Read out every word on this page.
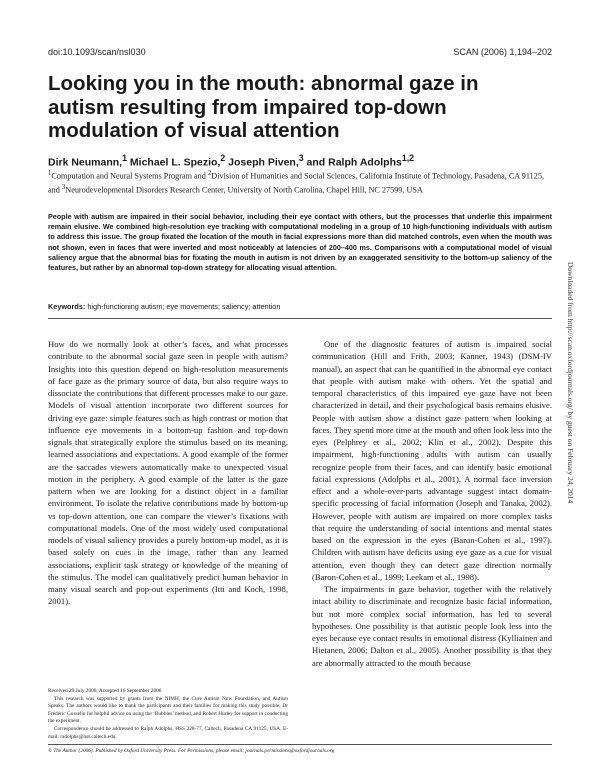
doi:10.1093/scan/nsl030	SCAN (2006) 1,194–202
Looking you in the mouth: abnormal gaze in autism resulting from impaired top-down modulation of visual attention
Dirk Neumann,$^1$ Michael L. Spezio,$^2$ Joseph Piven,$^3$ and Ralph Adolphs$^{1,2}$
$^1$Computation and Neural Systems Program and $^2$Division of Humanities and Social Sciences, California Institute of Technology, Pasadena, CA 91125, and $^3$Neurodevelopmental Disorders Research Center, University of North Carolina, Chapel Hill, NC 27599, USA
People with autism are impaired in their social behavior, including their eye contact with others, but the processes that underlie this impairment remain elusive. We combined high-resolution eye tracking with computational modeling in a group of 10 high-functioning individuals with autism to address this issue. The group fixated the location of the mouth in facial expressions more than did matched controls, even when the mouth was not shown, even in faces that were inverted and most noticeably at latencies of 200–400 ms. Comparisons with a computational model of visual saliency argue that the abnormal bias for fixating the mouth in autism is not driven by an exaggerated sensitivity to the bottom-up saliency of the features, but rather by an abnormal top-down strategy for allocating visual attention.
Keywords: high-functioning autism; eye movements; saliency; attention

How do we normally look at other’s faces, and what processes contribute to the abnormal social gaze seen in people with autism? Insights into this question depend on high-resolution measurements of face gaze as the primary source of data, but also require ways to dissociate the contributions that different processes make to our gaze. Models of visual attention incorporate two different sources for driving eye gaze: simple features such as high contrast or motion that influence eye movements in a bottom-up fashion and top-down signals that strategically explore the stimulus based on its meaning, learned associations and expectations. A good example of the former are the saccades viewers automatically make to unexpected visual motion in the periphery. A good example of the latter is the gaze pattern when we are looking for a distinct object in a familiar environment. To isolate the relative contributions made by bottom-up vs top-down attention, one can compare the viewer’s fixations with computational models. One of the most widely used computational models of visual saliency provides a purely bottom-up model, as it is based solely on cues in the image, rather than any learned associations, explicit task strategy or knowledge of the meaning of the stimulus. The model can qualitatively predict human behavior in many visual search and pop-out experiments (Itti and Koch, 1998, 2001).

One of the diagnostic features of autism is impaired social communication (Hill and Frith, 2003; Kanner, 1943) (DSM-IV manual), an aspect that can be quantified in the abnormal eye contact that people with autism make with others. Yet the spatial and temporal characteristics of this impaired eye gaze have not been characterized in detail, and their psychological basis remains elusive. People with autism show a distinct gaze pattern when looking at faces. They spend more time at the mouth and often look less into the eyes (Pelphrey et al., 2002; Klin et al., 2002). Despite this impairment, high-functioning adults with autism can usually recognize people from their faces, and can identify basic emotional facial expressions (Adolphs et al., 2001). A normal face inversion effect and a whole-over-parts advantage suggest intact domain-specific processing of facial information (Joseph and Tanaka, 2002). However, people with autism are impaired on more complex tasks that require the understanding of social intentions and mental states based on the expression in the eyes (Baron-Cohen et al., 1997). Children with autism have deficits using eye gaze as a cue for visual attention, even though they can detect gaze direction normally (Baron-Cohen et al., 1999; Leekam et al., 1998).

The impairments in gaze behavior, together with the relatively intact ability to discriminate and recognize basic facial information, but not more complex social information, has led to several hypotheses. One possibility is that autistic people look less into the eyes because eye contact results in emotional distress (Kylliainen and Hietanen, 2006; Dalton et al., 2005). Another possibility is that they are abnormally attracted to the mouth because

Received 29 July 2006; Accepted 16 September 2006

This research was supported by grants from the NIMH, the Cure Autism Now Foundation, and Autism Speaks. The authors would like to thank the participants and their families for making this study possible, Dr Frédéric Gosselin for helpful advice on using the ‘Bubbles’ method, and Robert Hurley for support in conducting the experiment.

Correspondence should be addressed to Ralph Adolphs, HSS 228-77, Caltech, Pasadena CA 91125, USA. E-mail: radolphs@hss.caltech.edu.

© The Author (2006). Published by Oxford University Press. For Permissions, please email: journals.permissions@oxfordjournals.org
Downloaded from http://scan.oxfordjournals.org/ by guest on February 24, 2014
